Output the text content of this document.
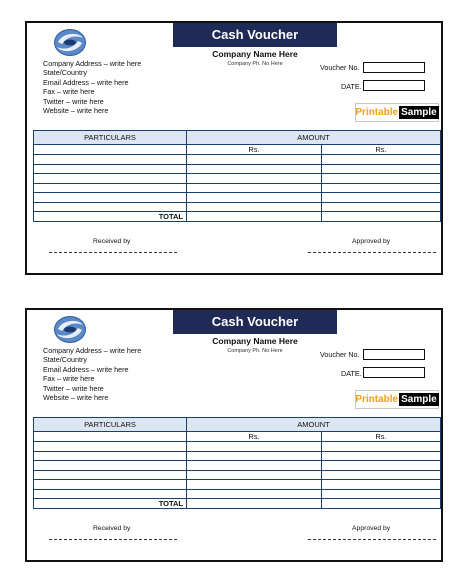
Cash Voucher
Company Address – write here
State/Country
Email Address – write here
Fax – write here
Twitter – write here
Website – write here
Company Name Here
Company Ph. No Here	Voucher No.
DATE.
Printable Sample
PARTICULARS	AMOUNT	
	Rs.	Rs.

TOTAL		
Received by	Approved by
Cash Voucher
Company Address – write here
State/Country
Email Address – write here
Fax – write here
Twitter – write here
Website – write here
Company Name Here
Company Ph. No Here	Voucher No.
DATE.
Printable Sample
PARTICULARS	AMOUNT	
	Rs.	Rs.

TOTAL		
Received by	Approved by
